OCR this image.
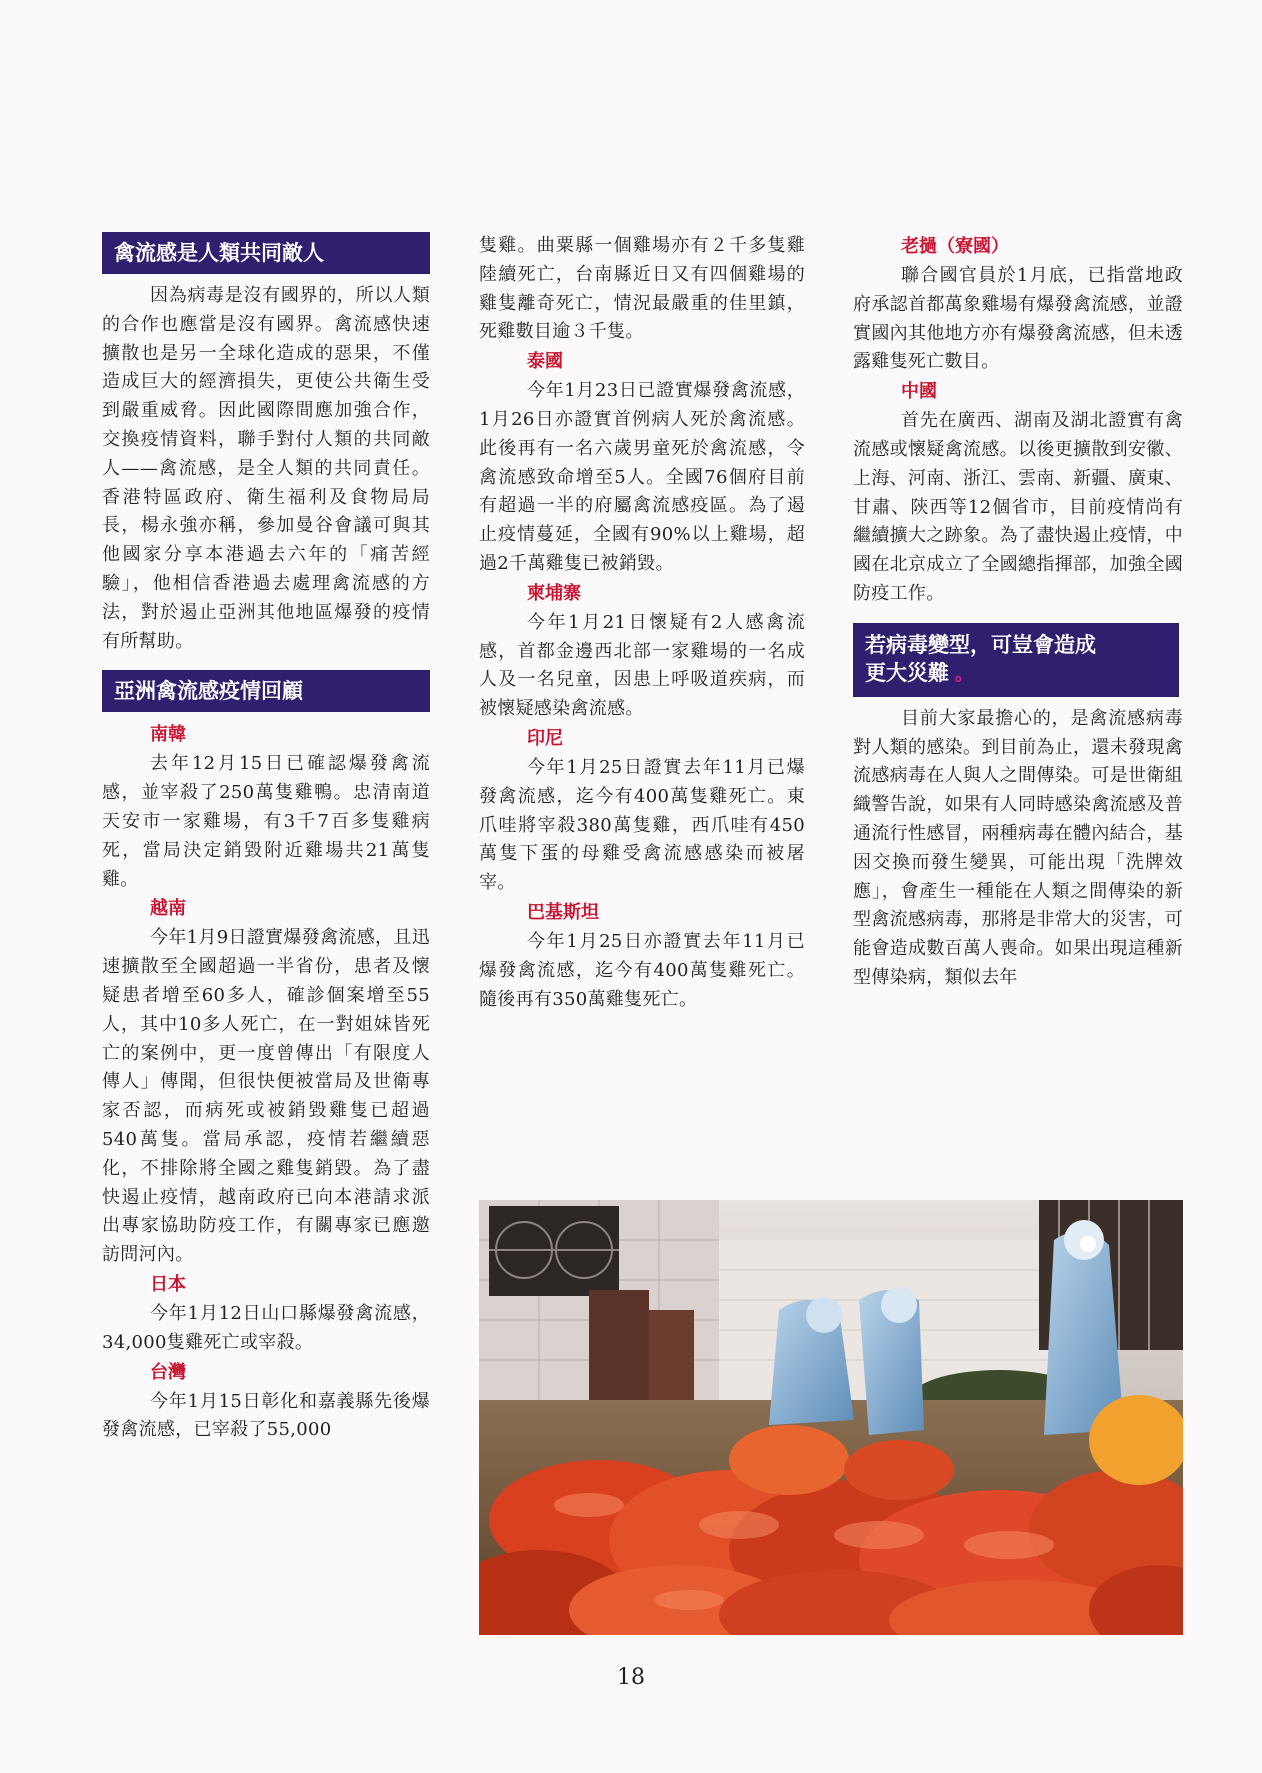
禽流感是人類共同敵人

因為病毒是沒有國界的，所以人類的合作也應當是沒有國界。禽流感快速擴散也是另一全球化造成的惡果，不僅造成巨大的經濟損失，更使公共衛生受到嚴重威脅。因此國際間應加強合作，交換疫情資料，聯手對付人類的共同敵人——禽流感，是全人類的共同責任。香港特區政府、衛生福利及食物局局長，楊永強亦稱，參加曼谷會議可與其他國家分享本港過去六年的「痛苦經驗」，他相信香港過去處理禽流感的方法，對於遏止亞洲其他地區爆發的疫情有所幫助。

亞洲禽流感疫情回顧
南韓

去年12月15日已確認爆發禽流感，並宰殺了250萬隻雞鴨。忠清南道天安市一家雞場，有3千7百多隻雞病死，當局決定銷毀附近雞場共21萬隻雞。

越南

今年1月9日證實爆發禽流感，且迅速擴散至全國超過一半省份，患者及懷疑患者增至60多人，確診個案增至55人，其中10多人死亡，在一對姐妹皆死亡的案例中，更一度曾傳出「有限度人傳人」傳聞，但很快便被當局及世衛專家否認，而病死或被銷毀雞隻已超過540萬隻。當局承認，疫情若繼續惡化，不排除將全國之雞隻銷毀。為了盡快遏止疫情，越南政府已向本港請求派出專家協助防疫工作，有關專家已應邀訪問河內。

日本

今年1月12日山口縣爆發禽流感，34,000隻雞死亡或宰殺。

台灣

今年1月15日彰化和嘉義縣先後爆發禽流感，已宰殺了55,000

隻雞。曲粟縣一個雞場亦有２千多隻雞陸續死亡，台南縣近日又有四個雞場的雞隻離奇死亡，情況最嚴重的佳里鎮，死雞數目逾３千隻。

泰國

今年1月23日已證實爆發禽流感，1月26日亦證實首例病人死於禽流感。此後再有一名六歲男童死於禽流感，令禽流感致命增至5人。全國76個府目前有超過一半的府屬禽流感疫區。為了遏止疫情蔓延，全國有90%以上雞場，超過2千萬雞隻已被銷毀。

柬埔寨

今年1月21日懷疑有2人感禽流感，首都金邊西北部一家雞場的一名成人及一名兒童，因患上呼吸道疾病，而被懷疑感染禽流感。

印尼

今年1月25日證實去年11月已爆發禽流感，迄今有400萬隻雞死亡。東爪哇將宰殺380萬隻雞，西爪哇有450萬隻下蛋的母雞受禽流感感染而被屠宰。

巴基斯坦

今年1月25日亦證實去年11月已爆發禽流感，迄今有400萬隻雞死亡。隨後再有350萬雞隻死亡。

老撾（寮國）

聯合國官員於1月底，已指當地政府承認首都萬象雞場有爆發禽流感，並證實國內其他地方亦有爆發禽流感，但未透露雞隻死亡數目。

中國

首先在廣西、湖南及湖北證實有禽流感或懷疑禽流感。以後更擴散到安徽、上海、河南、浙江、雲南、新疆、廣東、甘肅、陝西等12個省市，目前疫情尚有繼續擴大之跡象。為了盡快遏止疫情，中國在北京成立了全國總指揮部，加強全國防疫工作。

若病毒變型，可豈會造成
更大災難 。

目前大家最擔心的，是禽流感病毒對人類的感染。到目前為止，還未發現禽流感病毒在人與人之間傳染。可是世衛組織警告說，如果有人同時感染禽流感及普通流行性感冒，兩種病毒在體內結合，基因交換而發生變異，可能出現「洗牌效應」，會產生一種能在人類之間傳染的新型禽流感病毒，那將是非常大的災害，可能會造成數百萬人喪命。如果出現這種新型傳染病，類似去年

18
